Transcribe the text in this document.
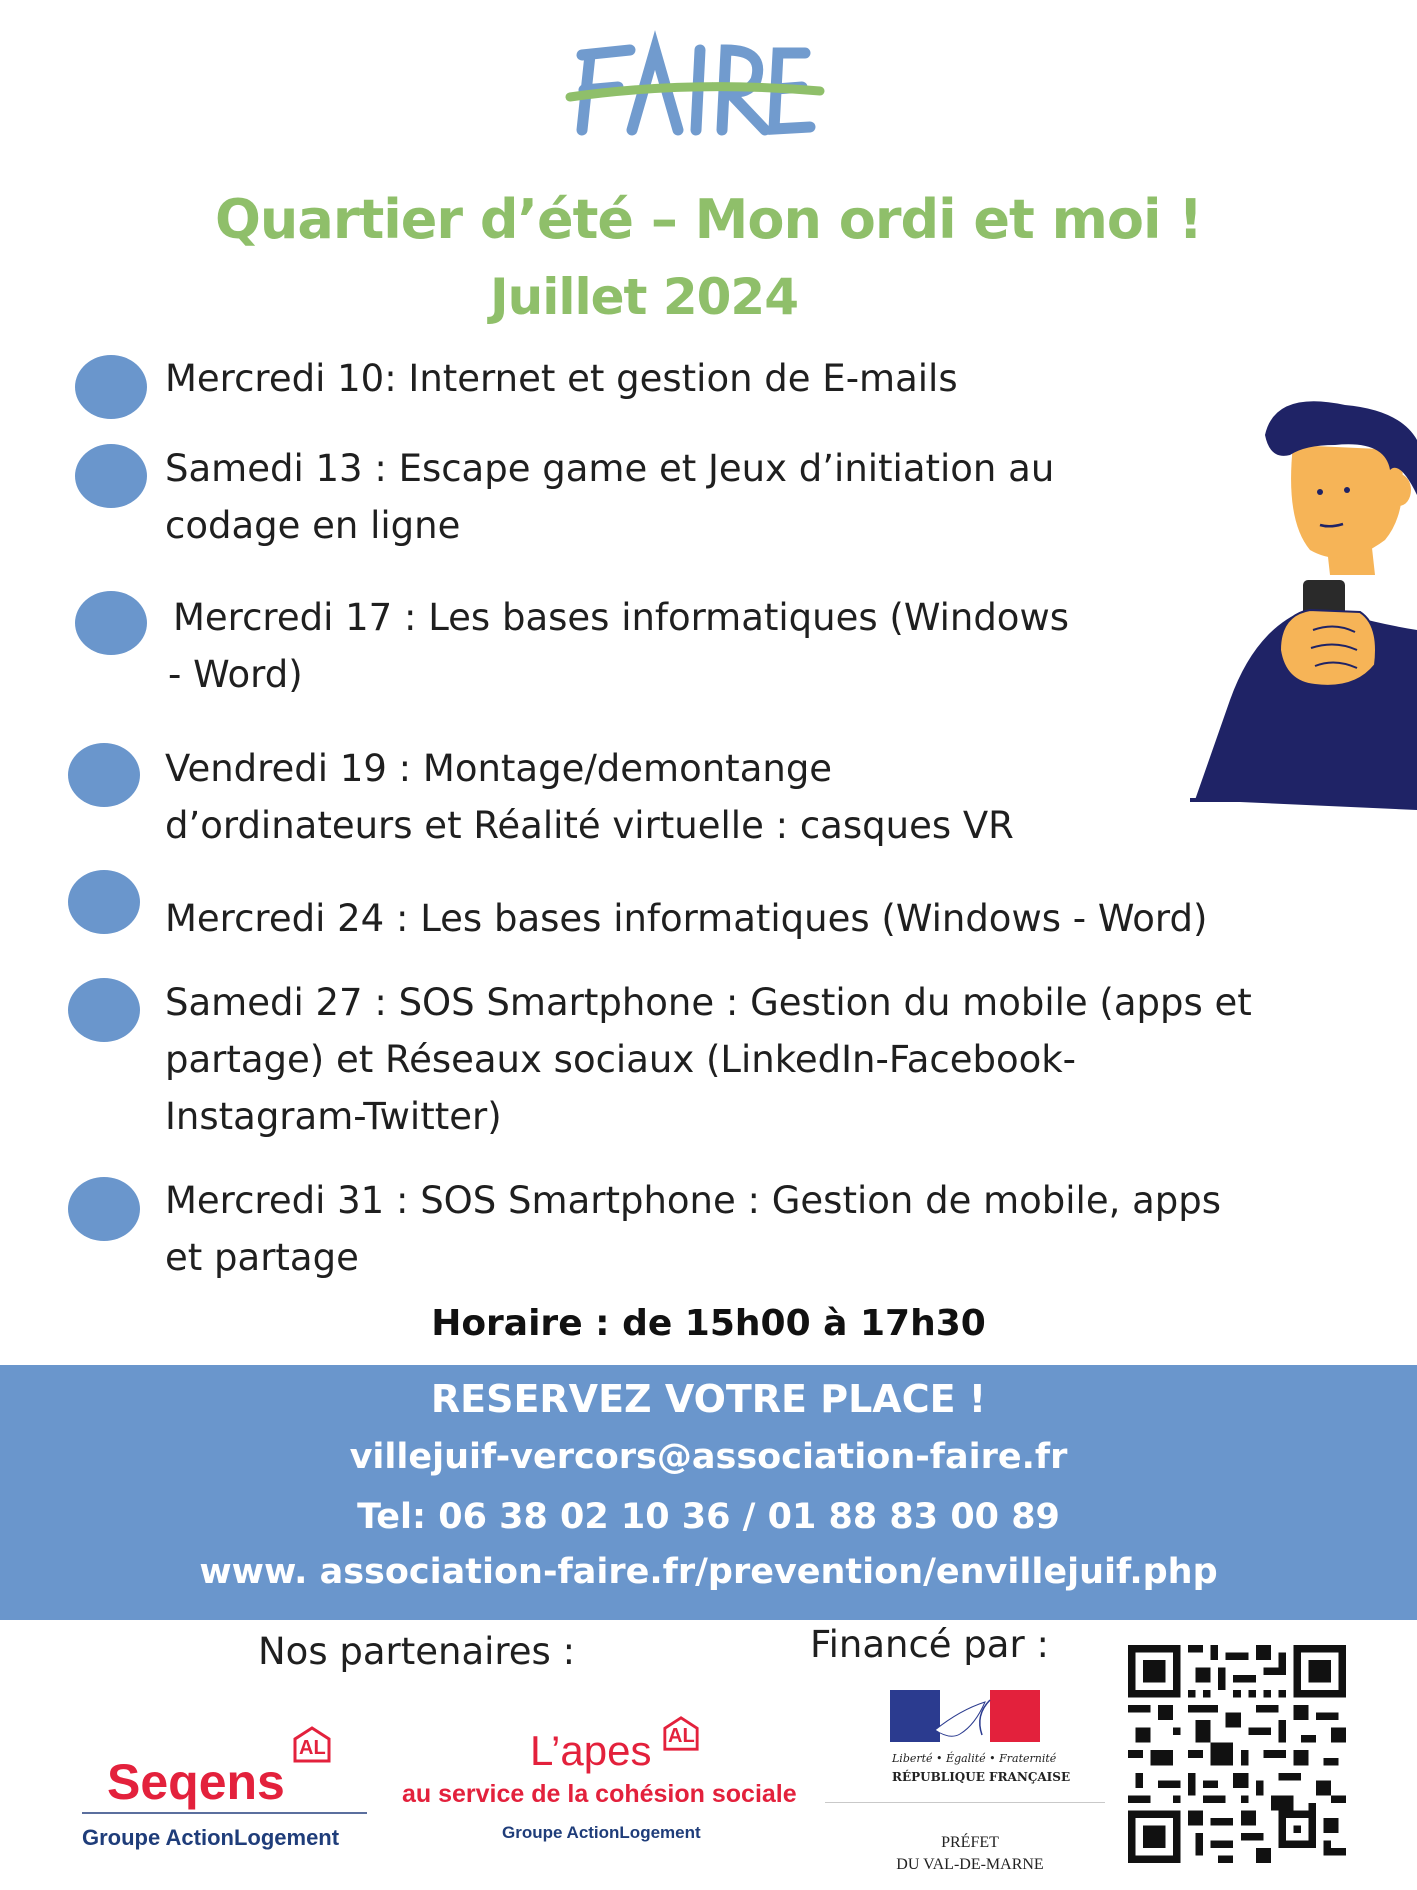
FAIRE
Quartier d’été – Mon ordi et moi !
Juillet 2024
Mercredi 10: Internet et gestion de E-mails
Samedi 13 : Escape game et Jeux d’initiation au
codage en ligne
Mercredi 17 : Les bases informatiques (Windows
- Word)
Vendredi 19 : Montage/demontange
d’ordinateurs et Réalité virtuelle : casques VR
Mercredi 24 : Les bases informatiques (Windows - Word)
Samedi 27 : SOS Smartphone : Gestion du mobile (apps et
partage) et Réseaux sociaux (LinkedIn-Facebook-
Instagram-Twitter)
Mercredi 31 : SOS Smartphone : Gestion de mobile, apps
et partage
Horaire : de 15h00 à 17h30
RESERVEZ VOTRE PLACE !
villejuif-vercors@association-faire.fr
Tel: 06 38 02 10 36 / 01 88 83 00 89
www. association-faire.fr/prevention/envillejuif.php
Nos partenaires :	Financé par :
Seqens
AL
Groupe ActionLogement
L’apes AL
au service de la cohésion sociale
Groupe ActionLogement
Liberté • Égalité • Fraternité
RÉPUBLIQUE FRANÇAISE
PRÉFET
DU VAL-DE-MARNE
